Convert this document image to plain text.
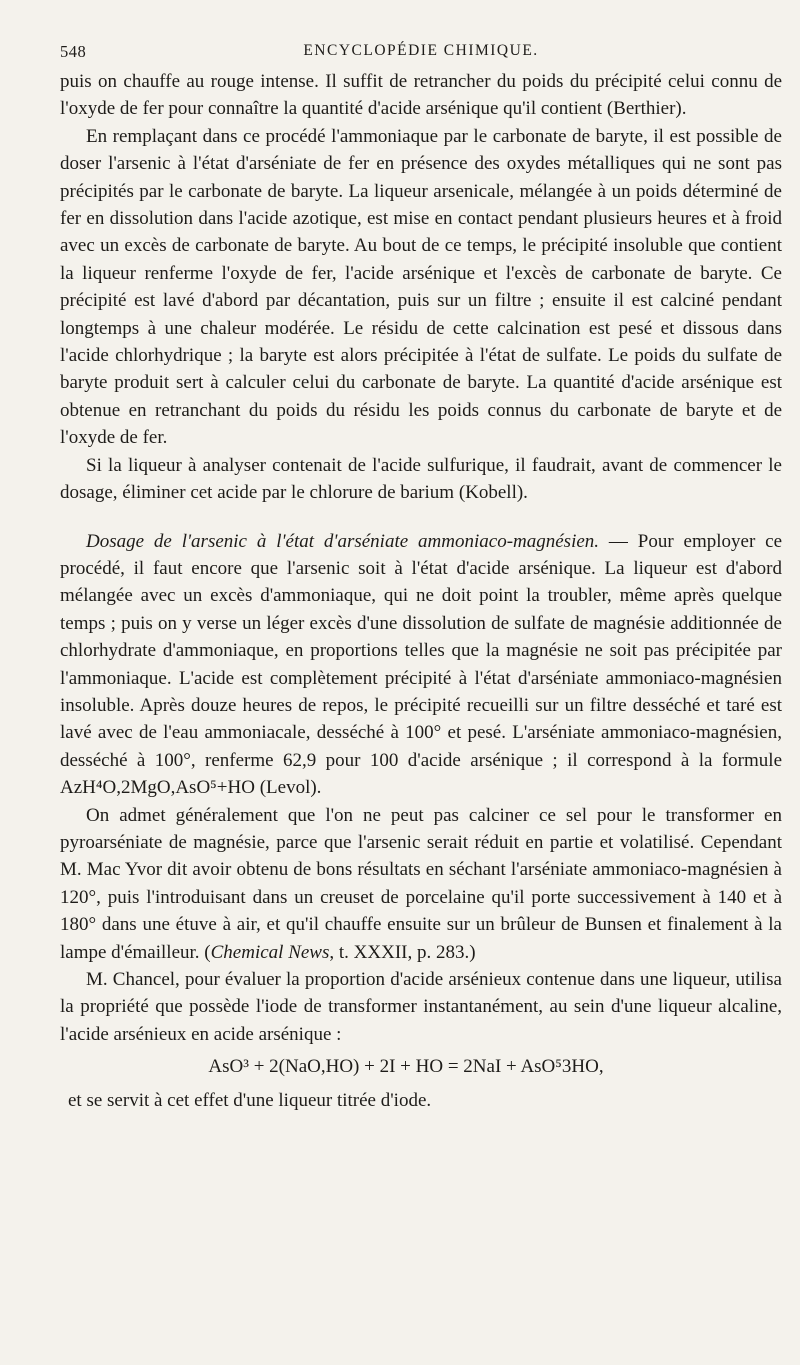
548	ENCYCLOPÉDIE CHIMIQUE.

puis on chauffe au rouge intense. Il suffit de retrancher du poids du précipité celui connu de l'oxyde de fer pour connaître la quantité d'acide arsénique qu'il contient (Berthier).

En remplaçant dans ce procédé l'ammoniaque par le carbonate de baryte, il est possible de doser l'arsenic à l'état d'arséniate de fer en présence des oxydes métalliques qui ne sont pas précipités par le carbonate de baryte. La liqueur arsenicale, mélangée à un poids déterminé de fer en dissolution dans l'acide azotique, est mise en contact pendant plusieurs heures et à froid avec un excès de carbonate de baryte. Au bout de ce temps, le précipité insoluble que contient la liqueur renferme l'oxyde de fer, l'acide arsénique et l'excès de carbonate de baryte. Ce précipité est lavé d'abord par décantation, puis sur un filtre ; ensuite il est calciné pendant longtemps à une chaleur modérée. Le résidu de cette calcination est pesé et dissous dans l'acide chlorhydrique ; la baryte est alors précipitée à l'état de sulfate. Le poids du sulfate de baryte produit sert à calculer celui du carbonate de baryte. La quantité d'acide arsénique est obtenue en retranchant du poids du résidu les poids connus du carbonate de baryte et de l'oxyde de fer.

Si la liqueur à analyser contenait de l'acide sulfurique, il faudrait, avant de commencer le dosage, éliminer cet acide par le chlorure de barium (Kobell).

Dosage de l'arsenic à l'état d'arséniate ammoniaco-magnésien. — Pour employer ce procédé, il faut encore que l'arsenic soit à l'état d'acide arsénique. La liqueur est d'abord mélangée avec un excès d'ammoniaque, qui ne doit point la troubler, même après quelque temps ; puis on y verse un léger excès d'une dissolution de sulfate de magnésie additionnée de chlorhydrate d'ammoniaque, en proportions telles que la magnésie ne soit pas précipitée par l'ammoniaque. L'acide est complètement précipité à l'état d'arséniate ammoniaco-magnésien insoluble. Après douze heures de repos, le précipité recueilli sur un filtre desséché et taré est lavé avec de l'eau ammoniacale, desséché à 100° et pesé. L'arséniate ammoniaco-magnésien, desséché à 100°, renferme 62,9 pour 100 d'acide arsénique ; il correspond à la formule AzH⁴O,2MgO,AsO⁵+HO (Levol).

On admet généralement que l'on ne peut pas calciner ce sel pour le transformer en pyroarséniate de magnésie, parce que l'arsenic serait réduit en partie et volatilisé. Cependant M. Mac Yvor dit avoir obtenu de bons résultats en séchant l'arséniate ammoniaco-magnésien à 120°, puis l'introduisant dans un creuset de porcelaine qu'il porte successivement à 140 et à 180° dans une étuve à air, et qu'il chauffe ensuite sur un brûleur de Bunsen et finalement à la lampe d'émailleur. (Chemical News, t. XXXII, p. 283.)

M. Chancel, pour évaluer la proportion d'acide arsénieux contenue dans une liqueur, utilisa la propriété que possède l'iode de transformer instantanément, au sein d'une liqueur alcaline, l'acide arsénieux en acide arsénique :

AsO³ + 2(NaO,HO) + 2I + HO = 2NaI + AsO⁵3HO,

et se servit à cet effet d'une liqueur titrée d'iode.
